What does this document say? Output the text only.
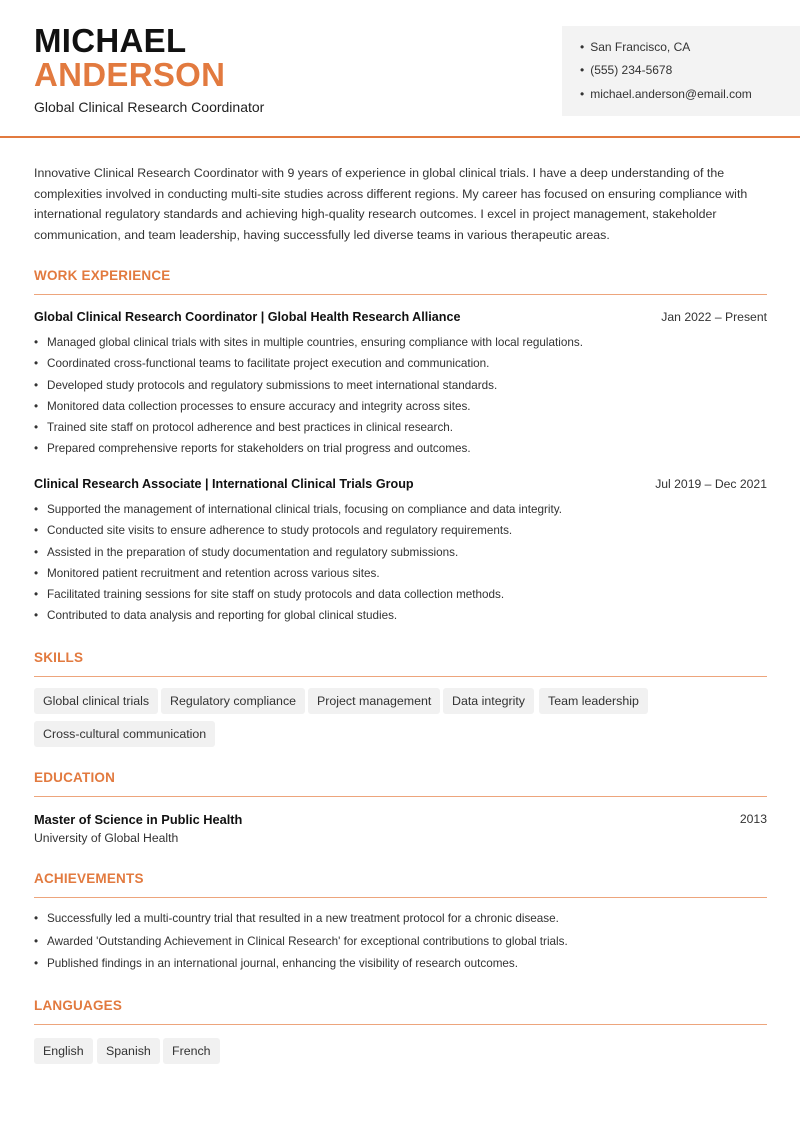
MICHAEL
ANDERSON
Global Clinical Research Coordinator
• San Francisco, CA
• (555) 234-5678
• michael.anderson@email.com
Innovative Clinical Research Coordinator with 9 years of experience in global clinical trials. I have a deep understanding of the complexities involved in conducting multi-site studies across different regions. My career has focused on ensuring compliance with international regulatory standards and achieving high-quality research outcomes. I excel in project management, stakeholder communication, and team leadership, having successfully led diverse teams in various therapeutic areas.
WORK EXPERIENCE
Global Clinical Research Coordinator | Global Health Research Alliance	Jan 2022 – Present
• Managed global clinical trials with sites in multiple countries, ensuring compliance with local regulations.
• Coordinated cross-functional teams to facilitate project execution and communication.
• Developed study protocols and regulatory submissions to meet international standards.
• Monitored data collection processes to ensure accuracy and integrity across sites.
• Trained site staff on protocol adherence and best practices in clinical research.
• Prepared comprehensive reports for stakeholders on trial progress and outcomes.
Clinical Research Associate | International Clinical Trials Group	Jul 2019 – Dec 2021
• Supported the management of international clinical trials, focusing on compliance and data integrity.
• Conducted site visits to ensure adherence to study protocols and regulatory requirements.
• Assisted in the preparation of study documentation and regulatory submissions.
• Monitored patient recruitment and retention across various sites.
• Facilitated training sessions for site staff on study protocols and data collection methods.
• Contributed to data analysis and reporting for global clinical studies.
SKILLS
Global clinical trials	Regulatory compliance	Project management	Data integrity	Team leadership
Cross-cultural communication
EDUCATION
Master of Science in Public Health	2013
University of Global Health
ACHIEVEMENTS
• Successfully led a multi-country trial that resulted in a new treatment protocol for a chronic disease.
• Awarded 'Outstanding Achievement in Clinical Research' for exceptional contributions to global trials.
• Published findings in an international journal, enhancing the visibility of research outcomes.
LANGUAGES
English	Spanish	French
